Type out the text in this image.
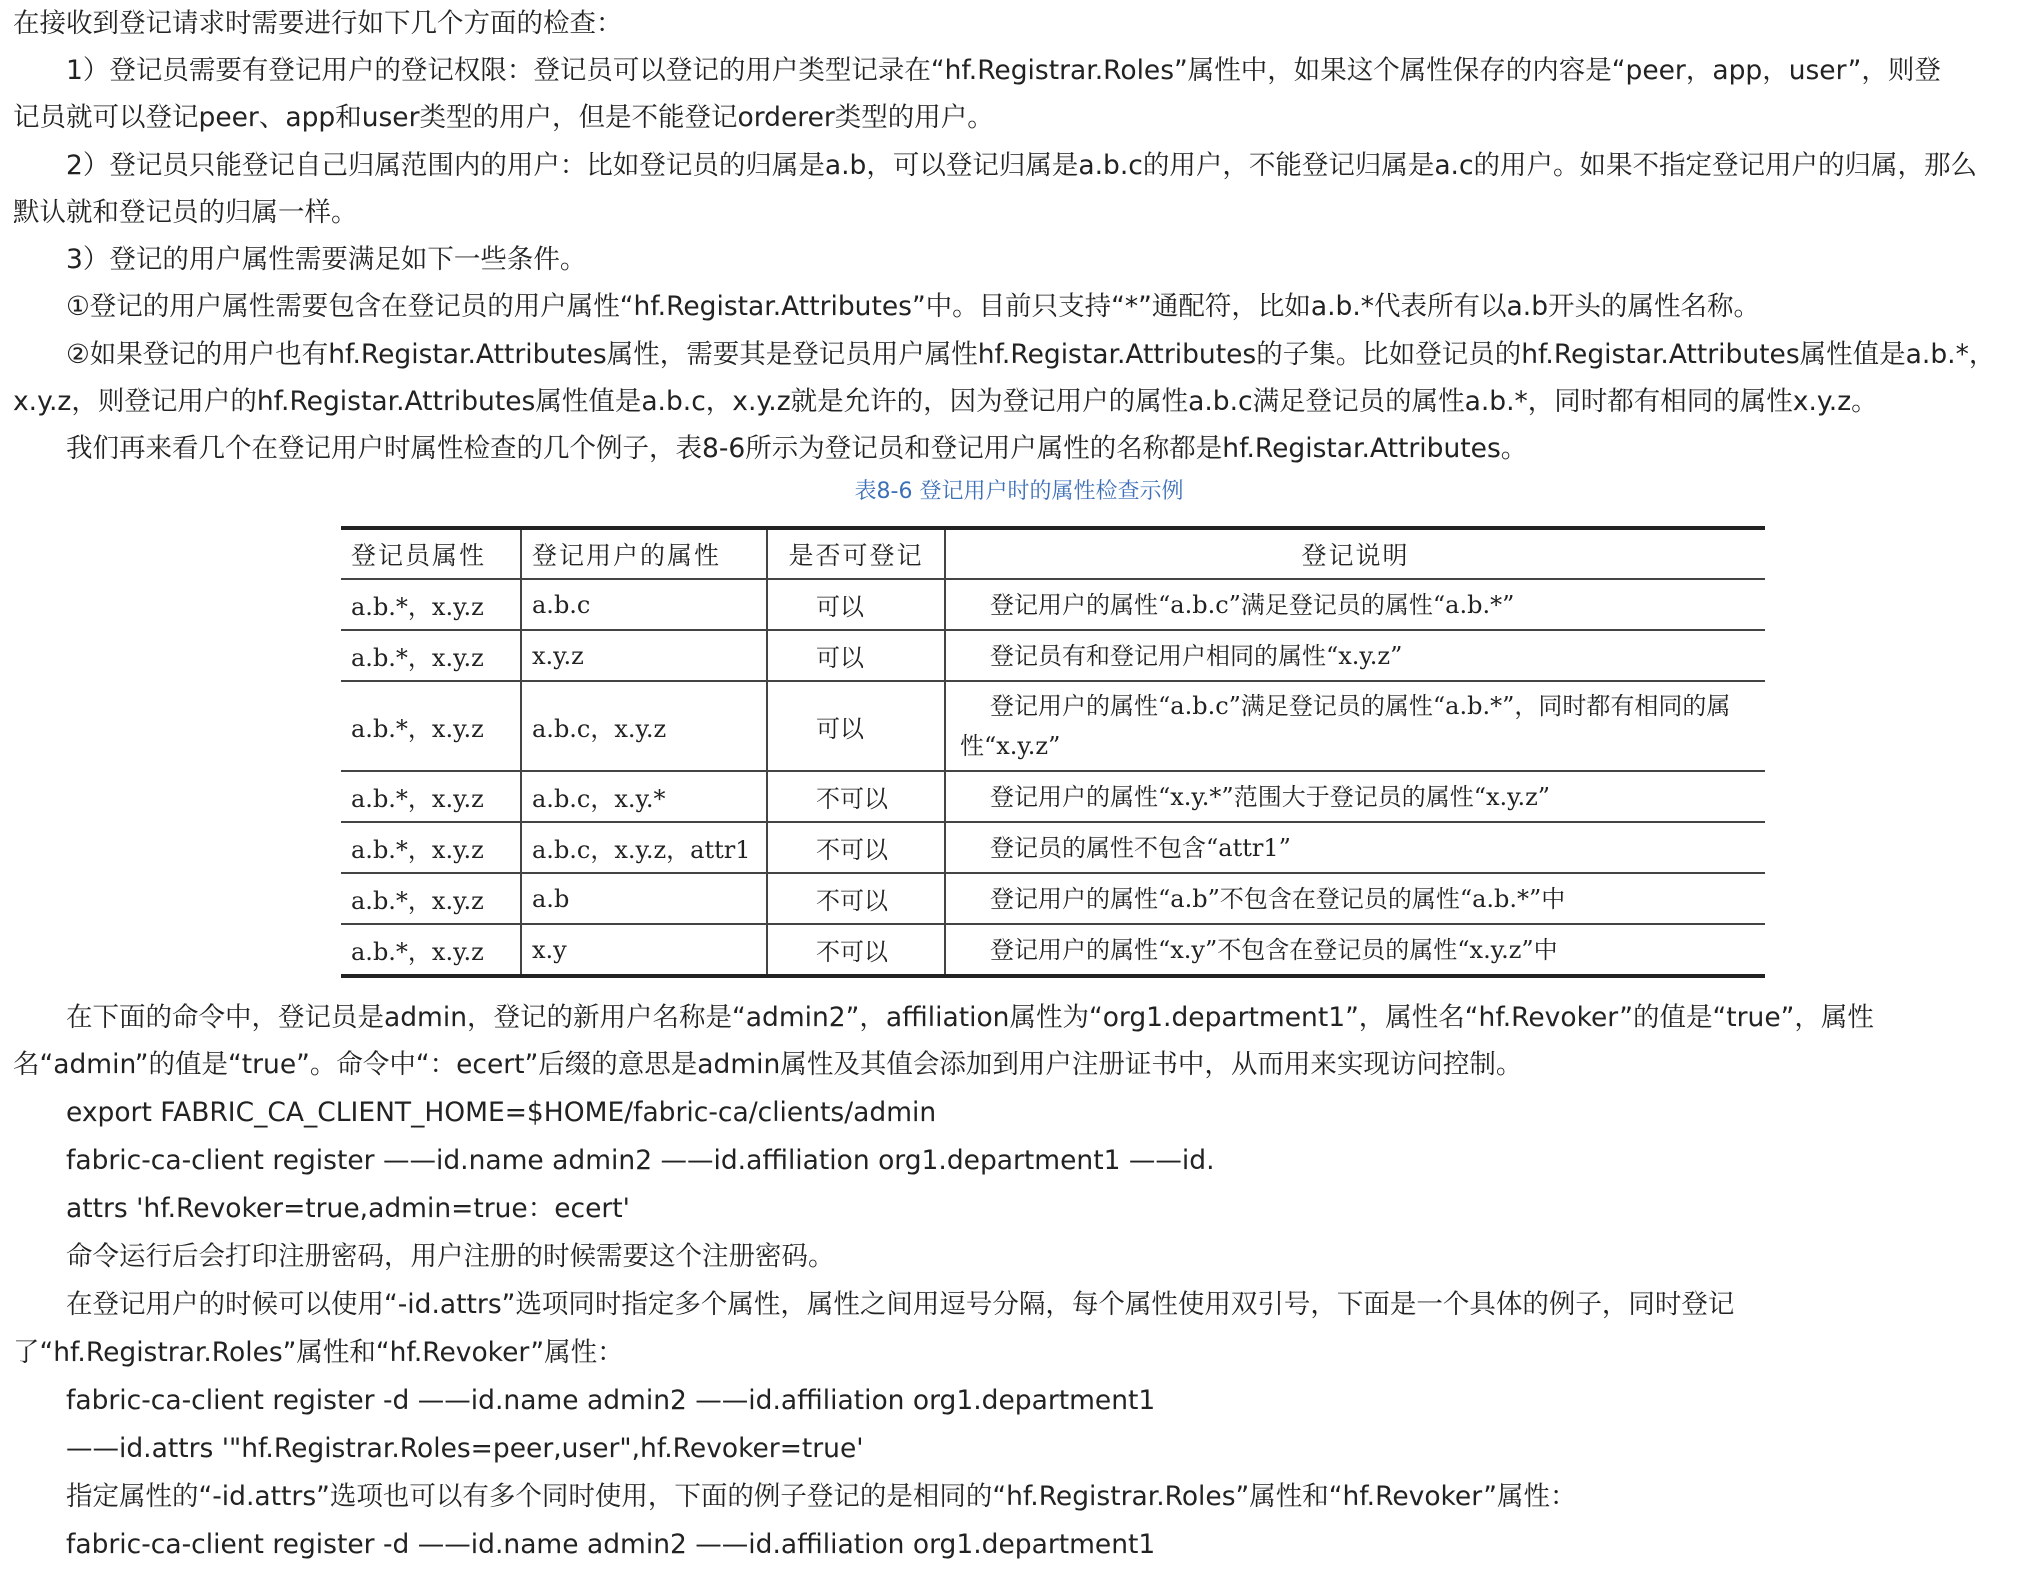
在接收到登记请求时需要进行如下几个方面的检查：
1）登记员需要有登记用户的登记权限：登记员可以登记的用户类型记录在“hf.Registrar.Roles”属性中，如果这个属性保存的内容是“peer，app，user”，则登
记员就可以登记peer、app和user类型的用户，但是不能登记orderer类型的用户。
2）登记员只能登记自己归属范围内的用户：比如登记员的归属是a.b，可以登记归属是a.b.c的用户，不能登记归属是a.c的用户。如果不指定登记用户的归属，那么
默认就和登记员的归属一样。
3）登记的用户属性需要满足如下一些条件。
①登记的用户属性需要包含在登记员的用户属性“hf.Registar.Attributes”中。目前只支持“*”通配符，比如a.b.*代表所有以a.b开头的属性名称。
②如果登记的用户也有hf.Registar.Attributes属性，需要其是登记员用户属性hf.Registar.Attributes的子集。比如登记员的hf.Registar.Attributes属性值是a.b.*，
x.y.z，则登记用户的hf.Registar.Attributes属性值是a.b.c，x.y.z就是允许的，因为登记用户的属性a.b.c满足登记员的属性a.b.*，同时都有相同的属性x.y.z。
我们再来看几个在登记用户时属性检查的几个例子，表8-6所示为登记员和登记用户属性的名称都是hf.Registar.Attributes。
表8-6 登记用户时的属性检查示例
登记员属性	登记用户的属性	是否可登记	登记说明
a.b.*，x.y.z	a.b.c	可以	登记用户的属性“a.b.c”满足登记员的属性“a.b.*”
a.b.*，x.y.z	x.y.z	可以	登记员有和登记用户相同的属性“x.y.z”
a.b.*，x.y.z	a.b.c，x.y.z	可以	登记用户的属性“a.b.c”满足登记员的属性“a.b.*”，同时都有相同的属性“x.y.z”
a.b.*，x.y.z	a.b.c，x.y.*	不可以	登记用户的属性“x.y.*”范围大于登记员的属性“x.y.z”
a.b.*，x.y.z	a.b.c，x.y.z，attr1	不可以	登记员的属性不包含“attr1”
a.b.*，x.y.z	a.b	不可以	登记用户的属性“a.b”不包含在登记员的属性“a.b.*”中
a.b.*，x.y.z	x.y	不可以	登记用户的属性“x.y”不包含在登记员的属性“x.y.z”中
在下面的命令中，登记员是admin，登记的新用户名称是“admin2”，affiliation属性为“org1.department1”，属性名“hf.Revoker”的值是“true”，属性
名“admin”的值是“true”。命令中“：ecert”后缀的意思是admin属性及其值会添加到用户注册证书中，从而用来实现访问控制。
export FABRIC_CA_CLIENT_HOME=$HOME/fabric-ca/clients/admin
fabric-ca-client register ——id.name admin2 ——id.affiliation org1.department1 ——id.
attrs 'hf.Revoker=true,admin=true：ecert'
命令运行后会打印注册密码，用户注册的时候需要这个注册密码。
在登记用户的时候可以使用“-id.attrs”选项同时指定多个属性，属性之间用逗号分隔，每个属性使用双引号，下面是一个具体的例子，同时登记
了“hf.Registrar.Roles”属性和“hf.Revoker”属性：
fabric-ca-client register -d ——id.name admin2 ——id.affiliation org1.department1
——id.attrs '"hf.Registrar.Roles=peer,user",hf.Revoker=true'
指定属性的“-id.attrs”选项也可以有多个同时使用，下面的例子登记的是相同的“hf.Registrar.Roles”属性和“hf.Revoker”属性：
fabric-ca-client register -d ——id.name admin2 ——id.affiliation org1.department1
